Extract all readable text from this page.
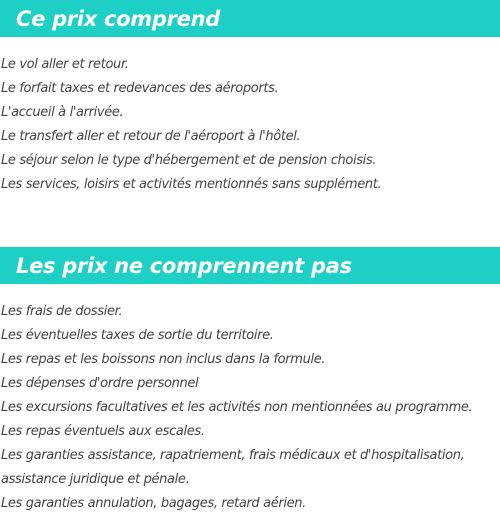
Ce prix comprend
Le vol aller et retour.
Le forfait taxes et redevances des aéroports.
L'accueil à l'arrivée.
Le transfert aller et retour de l'aéroport à l'hôtel.
Le séjour selon le type d'hébergement et de pension choisis.
Les services, loisirs et activités mentionnés sans supplément.
Les prix ne comprennent pas
Les frais de dossier.
Les éventuelles taxes de sortie du territoire.
Les repas et les boissons non inclus dans la formule.
Les dépenses d'ordre personnel
Les excursions facultatives et les activités non mentionnées au programme.
Les repas éventuels aux escales.
Les garanties assistance, rapatriement, frais médicaux et d'hospitalisation,
assistance juridique et pénale.
Les garanties annulation, bagages, retard aérien.
